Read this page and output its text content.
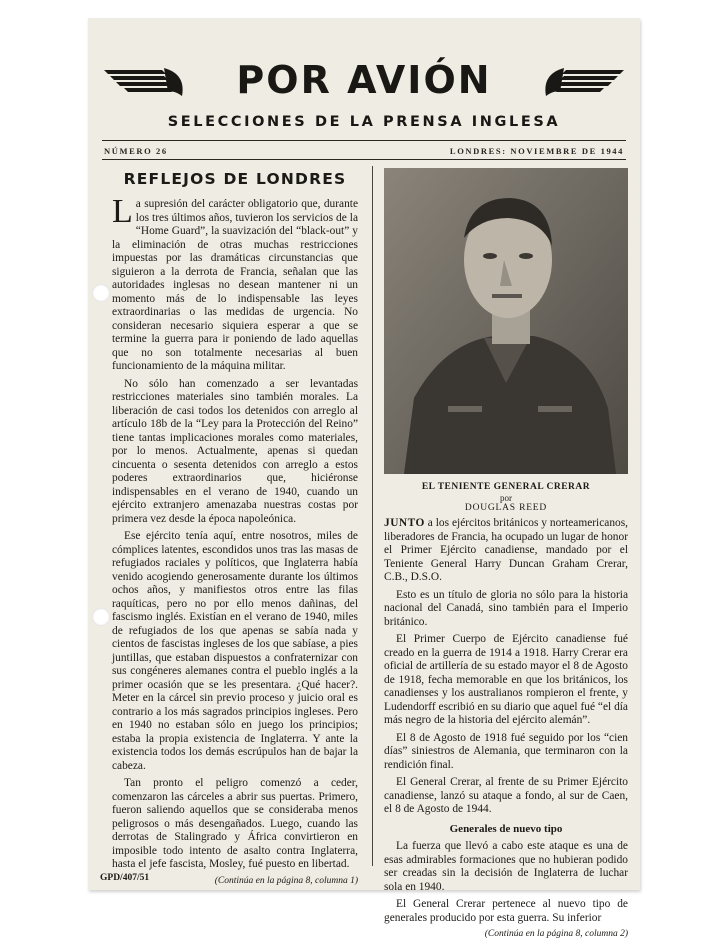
POR AVIÓN
SELECCIONES DE LA PRENSA INGLESA
NÚMERO 26	LONDRES: NOVIEMBRE DE 1944
REFLEJOS DE LONDRES

La supresión del carácter obligatorio que, durante los tres últimos años, tuvieron los servicios de la “Home Guard”, la suavización del “black-out” y la eliminación de otras muchas restricciones impuestas por las dramáticas circunstancias que siguieron a la derrota de Francia, señalan que las autoridades inglesas no desean mantener ni un momento más de lo indispensable las leyes extraordinarias o las medidas de urgencia. No consideran necesario siquiera esperar a que se termine la guerra para ir poniendo de lado aquellas que no son totalmente necesarias al buen funcionamiento de la máquina militar.

No sólo han comenzado a ser levantadas restricciones materiales sino también morales. La liberación de casi todos los detenidos con arreglo al artículo 18b de la “Ley para la Protección del Reino” tiene tantas implicaciones morales como materiales, por lo menos. Actualmente, apenas si quedan cincuenta o sesenta detenidos con arreglo a estos poderes extraordinarios que, hiciéronse indispensables en el verano de 1940, cuando un ejército extranjero amenazaba nuestras costas por primera vez desde la época napoleónica.

Ese ejército tenía aquí, entre nosotros, miles de cómplices latentes, escondidos unos tras las masas de refugiados raciales y políticos, que Inglaterra había venido acogiendo generosamente durante los últimos ochos años, y manifiestos otros entre las filas raquíticas, pero no por ello menos dañinas, del fascismo inglés. Existían en el verano de 1940, miles de refugiados de los que apenas se sabía nada y cientos de fascistas ingleses de los que sabíase, a pies juntillas, que estaban dispuestos a confraternizar con sus congéneres alemanes contra el pueblo inglés a la primer ocasión que se les presentara. ¿Qué hacer?. Meter en la cárcel sin previo proceso y juicio oral es contrario a los más sagrados principios ingleses. Pero en 1940 no estaban sólo en juego los principios; estaba la propia existencia de Inglaterra. Y ante la existencia todos los demás escrúpulos han de bajar la cabeza.

Tan pronto el peligro comenzó a ceder, comenzaron las cárceles a abrir sus puertas. Primero, fueron saliendo aquellos que se consideraba menos peligrosos o más desengañados. Luego, cuando las derrotas de Stalingrado y África convirtieron en imposible todo intento de asalto contra Inglaterra, hasta el jefe fascista, Mosley, fué puesto en libertad.

(Continúa en la página 8, columna 1)
EL TENIENTE GENERAL CRERAR
por
DOUGLAS REED

JUNTO a los ejércitos británicos y norteamericanos, liberadores de Francia, ha ocupado un lugar de honor el Primer Ejército canadiense, mandado por el Teniente General Harry Duncan Graham Crerar, C.B., D.S.O.

Esto es un título de gloria no sólo para la historia nacional del Canadá, sino también para el Imperio británico.

El Primer Cuerpo de Ejército canadiense fué creado en la guerra de 1914 a 1918. Harry Crerar era oficial de artillería de su estado mayor el 8 de Agosto de 1918, fecha memorable en que los británicos, los canadienses y los australianos rompieron el frente, y Ludendorff escribió en su diario que aquel fué “el día más negro de la historia del ejército alemán”.

El 8 de Agosto de 1918 fué seguido por los “cien días” siniestros de Alemania, que terminaron con la rendición final.

El General Crerar, al frente de su Primer Ejército canadiense, lanzó su ataque a fondo, al sur de Caen, el 8 de Agosto de 1944.

Generales de nuevo tipo

La fuerza que llevó a cabo este ataque es una de esas admirables formaciones que no hubieran podido ser creadas sin la decisión de Inglaterra de luchar sola en 1940.

El General Crerar pertenece al nuevo tipo de generales producido por esta guerra. Su inferior

(Continúa en la página 8, columna 2)
GPD/407/51
